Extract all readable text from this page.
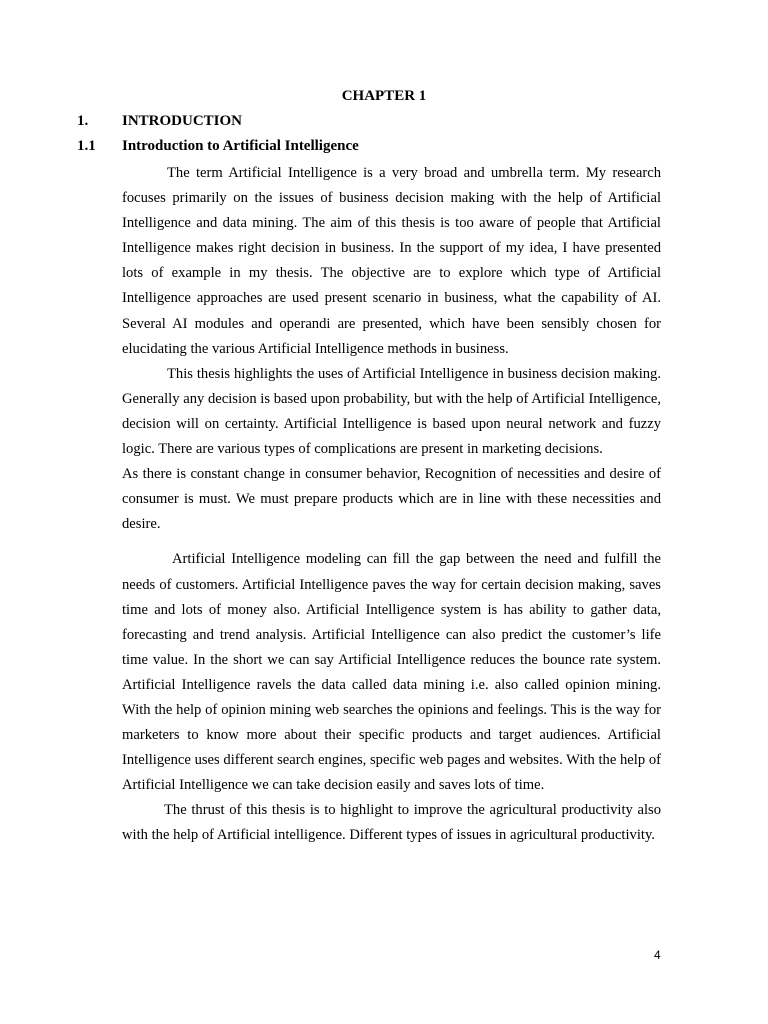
CHAPTER 1
1. INTRODUCTION
1.1 Introduction to Artificial Intelligence

The term Artificial Intelligence is a very broad and umbrella term. My research focuses primarily on the issues of business decision making with the help of Artificial Intelligence and data mining. The aim of this thesis is too aware of people that Artificial Intelligence makes right decision in business. In the support of my idea, I have presented lots of example in my thesis. The objective are to explore which type of Artificial Intelligence approaches are used present scenario in business, what the capability of AI. Several AI modules and operandi are presented, which have been sensibly chosen for elucidating the various Artificial Intelligence methods in business.

This thesis highlights the uses of Artificial Intelligence in business decision making. Generally any decision is based upon probability, but with the help of Artificial Intelligence, decision will on certainty. Artificial Intelligence is based upon neural network and fuzzy logic. There are various types of complications are present in marketing decisions.

As there is constant change in consumer behavior, Recognition of necessities and desire of consumer is must. We must prepare products which are in line with these necessities and desire.

Artificial Intelligence modeling can fill the gap between the need and fulfill the needs of customers. Artificial Intelligence paves the way for certain decision making, saves time and lots of money also. Artificial Intelligence system is has ability to gather data, forecasting and trend analysis. Artificial Intelligence can also predict the customer’s life time value. In the short we can say Artificial Intelligence reduces the bounce rate system. Artificial Intelligence ravels the data called data mining i.e. also called opinion mining. With the help of opinion mining web searches the opinions and feelings. This is the way for marketers to know more about their specific products and target audiences. Artificial Intelligence uses different search engines, specific web pages and websites. With the help of Artificial Intelligence we can take decision easily and saves lots of time.

The thrust of this thesis is to highlight to improve the agricultural productivity also with the help of Artificial intelligence. Different types of issues in agricultural productivity.

4
